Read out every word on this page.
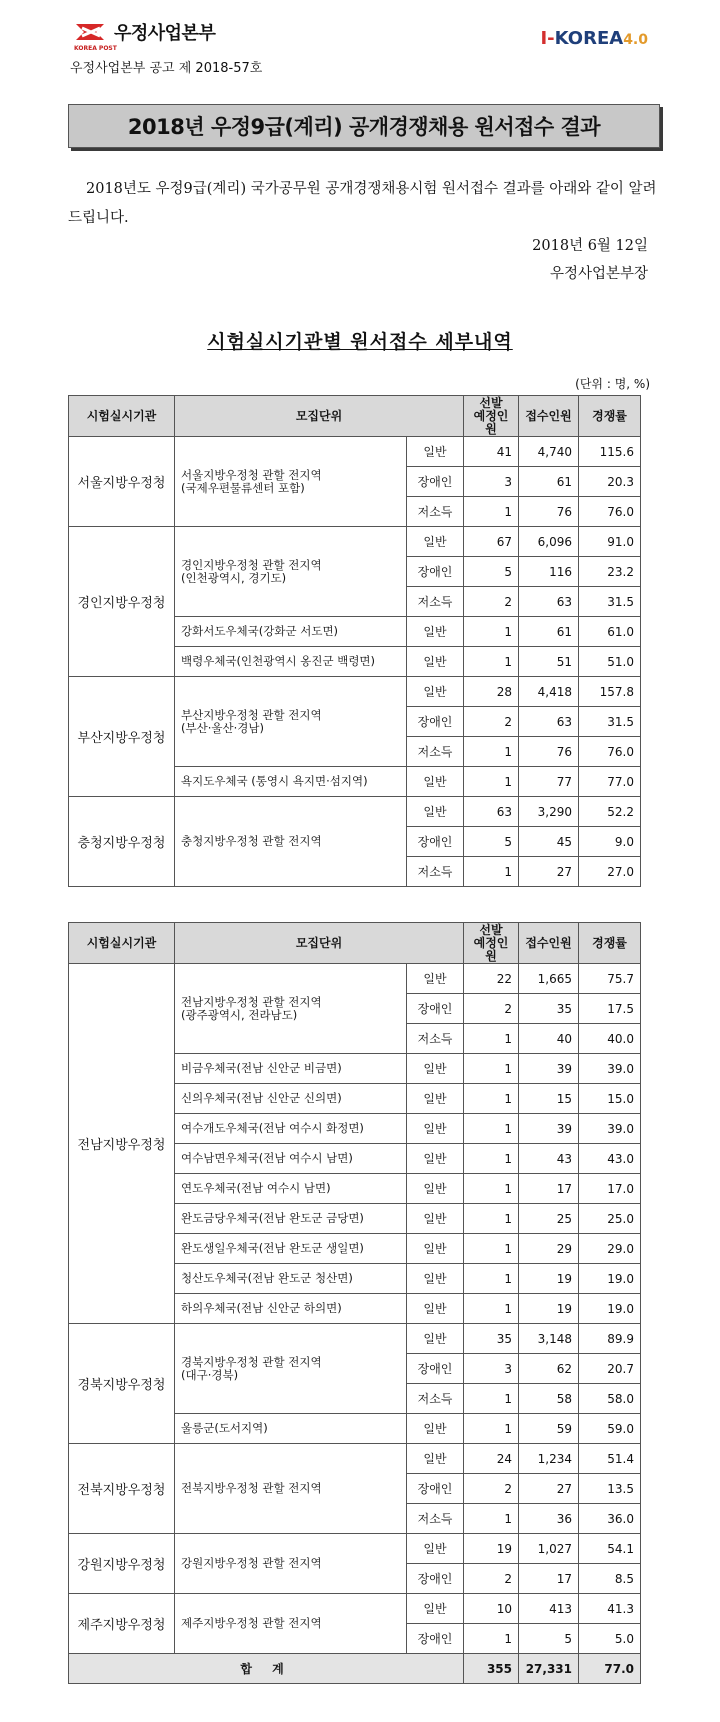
우정사업본부
KOREA POST	I-KOREA4.0
우정사업본부 공고 제 2018-57호
2018년 우정9급(계리) 공개경쟁채용 원서접수 결과

2018년도 우정9급(계리) 국가공무원 공개경쟁채용시험 원서접수 결과를 아래와 같이 알려드립니다.

2018년 6월 12일
우정사업본부장
시험실시기관별 원서접수 세부내역
(단위 : 명, %)
시험실시기관	모집단위		선발
예정인원	접수인원	경쟁률
서울지방우정청	서울지방우정청 관할 전지역
(국제우편물류센터 포함)	일반	41	4,740	115.6
		장애인	3	61	20.3
		저소득	1	76	76.0
경인지방우정청	경인지방우정청 관할 전지역
(인천광역시, 경기도)	일반	67	6,096	91.0
		장애인	5	116	23.2
		저소득	2	63	31.5
	강화서도우체국(강화군 서도면)	일반	1	61	61.0
	백령우체국(인천광역시 옹진군 백령면)	일반	1	51	51.0
부산지방우정청	부산지방우정청 관할 전지역
(부산·울산·경남)	일반	28	4,418	157.8
		장애인	2	63	31.5
		저소득	1	76	76.0
	욕지도우체국 (통영시 욕지면·섬지역)	일반	1	77	77.0
충청지방우정청	충청지방우정청 관할 전지역	일반	63	3,290	52.2
		장애인	5	45	9.0
		저소득	1	27	27.0
시험실시기관	모집단위		선발
예정인원	접수인원	경쟁률
전남지방우정청	전남지방우정청 관할 전지역
(광주광역시, 전라남도)	일반	22	1,665	75.7
		장애인	2	35	17.5
		저소득	1	40	40.0
	비금우체국(전남 신안군 비금면)	일반	1	39	39.0
	신의우체국(전남 신안군 신의면)	일반	1	15	15.0
	여수개도우체국(전남 여수시 화정면)	일반	1	39	39.0
	여수남면우체국(전남 여수시 남면)	일반	1	43	43.0
	연도우체국(전남 여수시 남면)	일반	1	17	17.0
	완도금당우체국(전남 완도군 금당면)	일반	1	25	25.0
	완도생일우체국(전남 완도군 생일면)	일반	1	29	29.0
	청산도우체국(전남 완도군 청산면)	일반	1	19	19.0
	하의우체국(전남 신안군 하의면)	일반	1	19	19.0
경북지방우정청	경북지방우정청 관할 전지역
(대구·경북)	일반	35	3,148	89.9
		장애인	3	62	20.7
		저소득	1	58	58.0
	울릉군(도서지역)	일반	1	59	59.0
전북지방우정청	전북지방우정청 관할 전지역	일반	24	1,234	51.4
		장애인	2	27	13.5
		저소득	1	36	36.0
강원지방우정청	강원지방우정청 관할 전지역	일반	19	1,027	54.1
		장애인	2	17	8.5
제주지방우정청	제주지방우정청 관할 전지역	일반	10	413	41.3
		장애인	1	5	5.0
합 계			355	27,331	77.0
